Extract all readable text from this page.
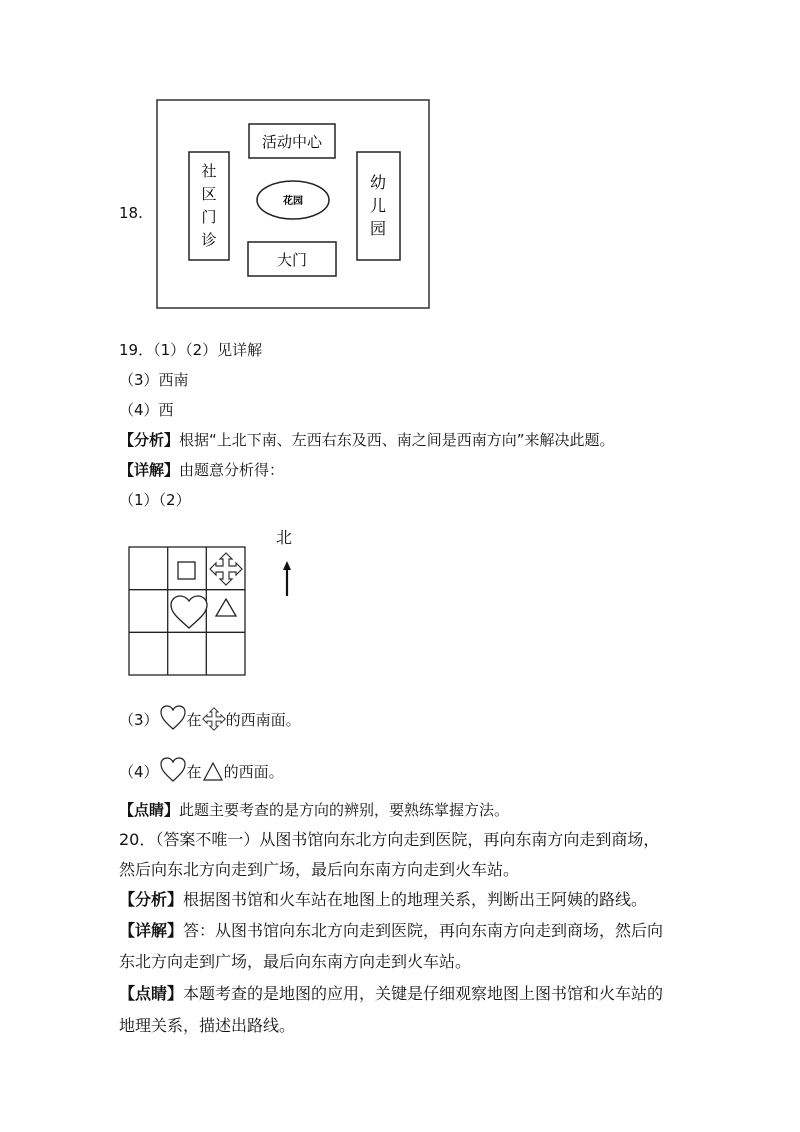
18.
活动中心
社
区
门
诊
花园
幼
儿
园
大门
19．（1）（2）见详解
（3）西南
（4）西
【分析】根据“上北下南、左西右东及西、南之间是西南方向”来解决此题。
【详解】由题意分析得：
（1）（2）
北
（3） 在 的西南面。
（4） 在 的西面。
【点睛】此题主要考查的是方向的辨别，要熟练掌握方法。
20．（答案不唯一）从图书馆向东北方向走到医院，再向东南方向走到商场，
然后向东北方向走到广场，最后向东南方向走到火车站。
【分析】根据图书馆和火车站在地图上的地理关系，判断出王阿姨的路线。
【详解】答：从图书馆向东北方向走到医院，再向东南方向走到商场，然后向
东北方向走到广场，最后向东南方向走到火车站。
【点睛】本题考查的是地图的应用，关键是仔细观察地图上图书馆和火车站的
地理关系，描述出路线。
